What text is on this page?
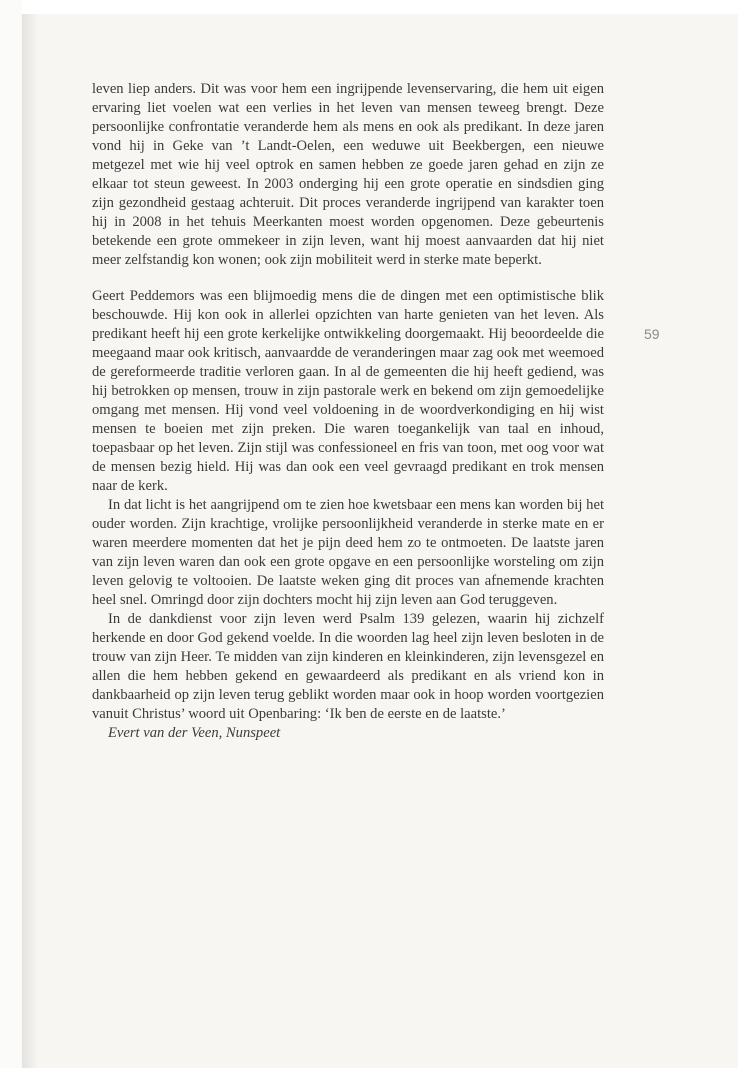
leven liep anders. Dit was voor hem een ingrijpende levenservaring, die hem uit eigen ervaring liet voelen wat een verlies in het leven van mensen teweeg brengt. Deze persoonlijke confrontatie veranderde hem als mens en ook als predikant. In deze jaren vond hij in Geke van ’t Landt-Oelen, een weduwe uit Beekbergen, een nieuwe metgezel met wie hij veel optrok en samen hebben ze goede jaren gehad en zijn ze elkaar tot steun geweest. In 2003 onderging hij een grote operatie en sindsdien ging zijn gezondheid gestaag achteruit. Dit proces veranderde ingrijpend van karakter toen hij in 2008 in het tehuis Meerkanten moest worden opgenomen. Deze gebeurtenis betekende een grote ommekeer in zijn leven, want hij moest aanvaarden dat hij niet meer zelfstandig kon wonen; ook zijn mobiliteit werd in sterke mate beperkt.

Geert Peddemors was een blijmoedig mens die de dingen met een optimistische blik beschouwde. Hij kon ook in allerlei opzichten van harte genieten van het leven. Als predikant heeft hij een grote kerkelijke ontwikkeling doorgemaakt. Hij beoordeelde die meegaand maar ook kritisch, aanvaardde de veranderingen maar zag ook met weemoed de gereformeerde traditie verloren gaan. In al de gemeenten die hij heeft gediend, was hij betrokken op mensen, trouw in zijn pastorale werk en bekend om zijn gemoedelijke omgang met mensen. Hij vond veel voldoening in de woordverkondiging en hij wist mensen te boeien met zijn preken. Die waren toegankelijk van taal en inhoud, toepasbaar op het leven. Zijn stijl was confessioneel en fris van toon, met oog voor wat de mensen bezig hield. Hij was dan ook een veel gevraagd predikant en trok mensen naar de kerk.

In dat licht is het aangrijpend om te zien hoe kwetsbaar een mens kan worden bij het ouder worden. Zijn krachtige, vrolijke persoonlijkheid veranderde in sterke mate en er waren meerdere momenten dat het je pijn deed hem zo te ontmoeten. De laatste jaren van zijn leven waren dan ook een grote opgave en een persoonlijke worsteling om zijn leven gelovig te voltooien. De laatste weken ging dit proces van afnemende krachten heel snel. Omringd door zijn dochters mocht hij zijn leven aan God teruggeven.

In de dankdienst voor zijn leven werd Psalm 139 gelezen, waarin hij zichzelf herkende en door God gekend voelde. In die woorden lag heel zijn leven besloten in de trouw van zijn Heer. Te midden van zijn kinderen en kleinkinderen, zijn levensgezel en allen die hem hebben gekend en gewaardeerd als predikant en als vriend kon in dankbaarheid op zijn leven terug geblikt worden maar ook in hoop worden voortgezien vanuit Christus’ woord uit Openbaring: ‘Ik ben de eerste en de laatste.’

Evert van der Veen, Nunspeet

59
